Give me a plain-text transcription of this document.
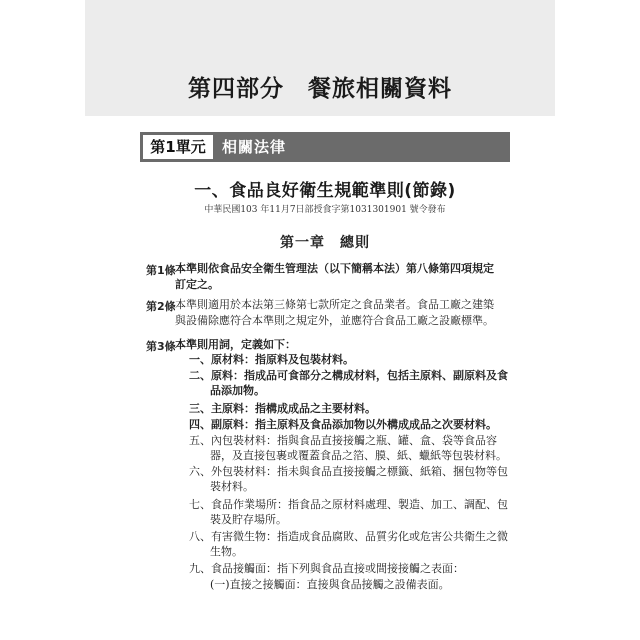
第四部分　餐旅相關資料
第1單元	相關法律
一、食品良好衛生規範準則(節錄)
中華民國103 年11月7日部授食字第1031301901 號令發布
第一章　總則
第1條 本準則依食品安全衛生管理法（以下簡稱本法）第八條第四項規定
訂定之。
第2條 本準則適用於本法第三條第七款所定之食品業者。食品工廠之建築
與設備除應符合本準則之規定外，並應符合食品工廠之設廠標準。
第3條 本準則用詞，定義如下：
一、原材料：指原料及包裝材料。
二、原料：指成品可食部分之構成材料，包括主原料、副原料及食
品添加物。
三、主原料：指構成成品之主要材料。
四、副原料：指主原料及食品添加物以外構成成品之次要材料。
五、內包裝材料：指與食品直接接觸之瓶、罐、盒、袋等食品容
器，及直接包裹或覆蓋食品之箔、膜、紙、蠟紙等包裝材料。
六、外包裝材料：指未與食品直接接觸之標籤、紙箱、捆包物等包
裝材料。
七、食品作業場所：指食品之原材料處理、製造、加工、調配、包
裝及貯存場所。
八、有害微生物：指造成食品腐敗、品質劣化或危害公共衛生之微
生物。
九、食品接觸面：指下列與食品直接或間接接觸之表面：
(一)直接之接觸面：直接與食品接觸之設備表面。
